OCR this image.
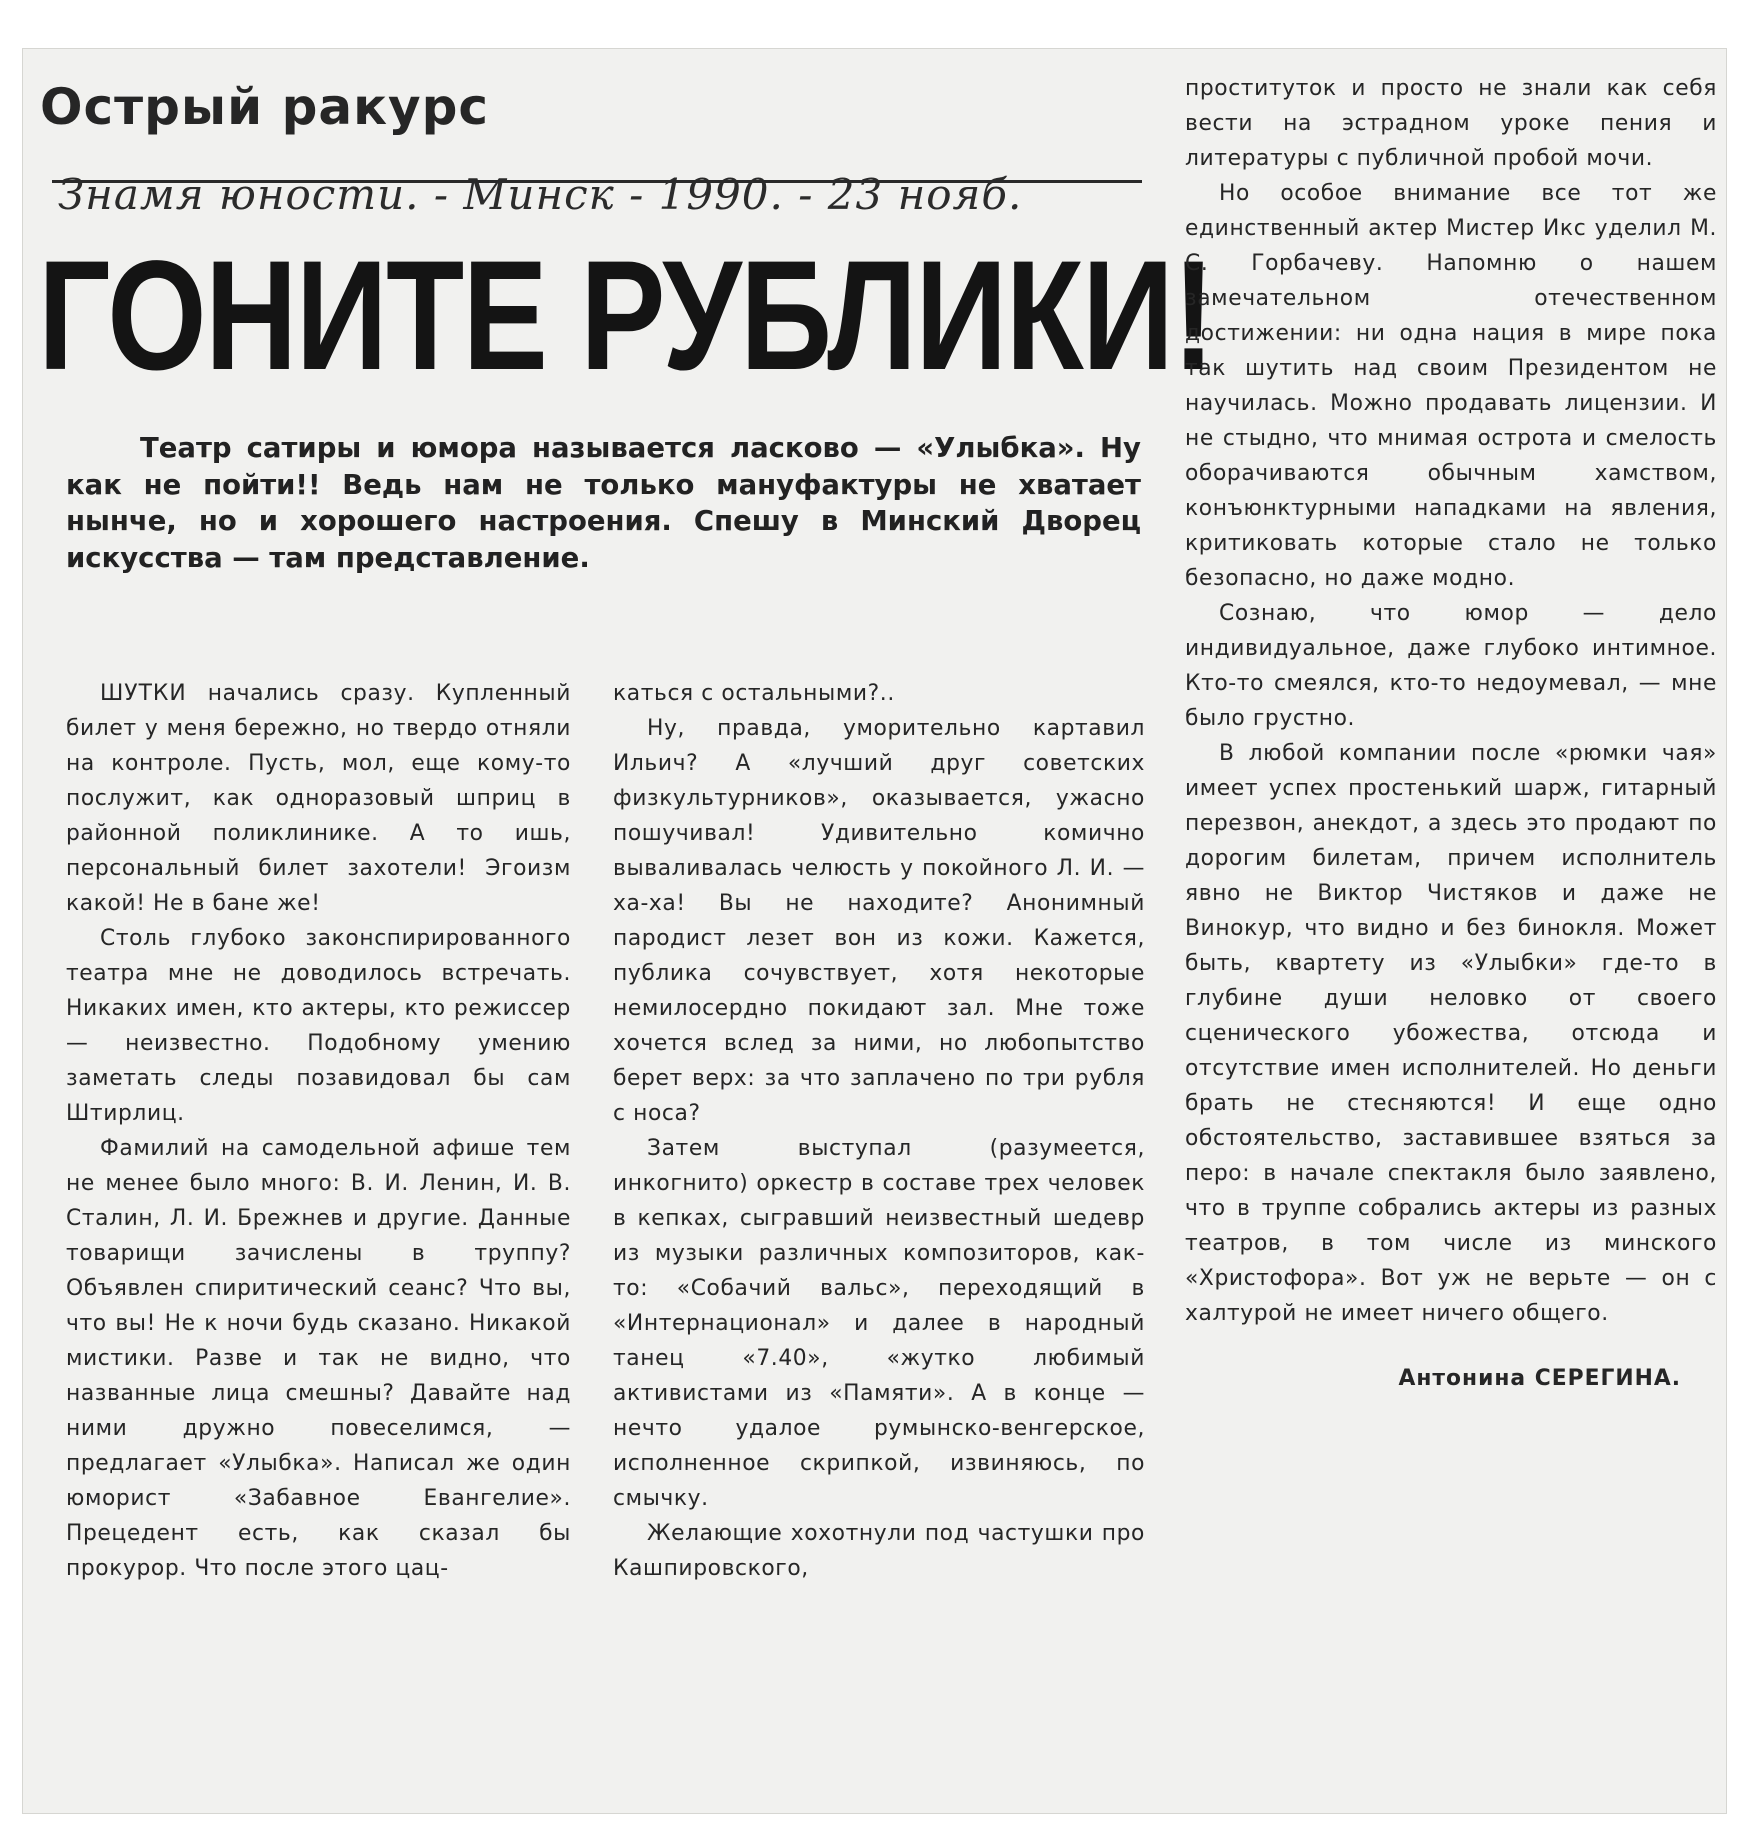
Острый ракурс
Знамя юности. - Минск - 1990. - 23 нояб.
ГОНИТЕ РУБЛИКИ!
Театр сатиры и юмора называется ласково — «Улыбка». Ну как не пойти!! Ведь нам не только мануфактуры не хватает нынче, но и хорошего настроения. Спешу в Минский Дворец искусства — там представление.

ШУТКИ начались сразу. Купленный билет у меня бережно, но твердо отняли на контроле. Пусть, мол, еще кому-то послужит, как одноразовый шприц в районной поликлинике. А то ишь, персональный билет захотели! Эгоизм какой! Не в бане же!

Столь глубоко законспирированного театра мне не доводилось встречать. Никаких имен, кто актеры, кто режиссер — неизвестно. Подобному умению заметать следы позавидовал бы сам Штирлиц.

Фамилий на самодельной афише тем не менее было много: В. И. Ленин, И. В. Сталин, Л. И. Брежнев и другие. Данные товарищи зачислены в труппу? Объявлен спиритический сеанс? Что вы, что вы! Не к ночи будь сказано. Никакой мистики. Разве и так не видно, что названные лица смешны? Давайте над ними дружно повеселимся, — предлагает «Улыбка». Написал же один юморист «Забавное Евангелие». Прецедент есть, как сказал бы прокурор. Что после этого цац-

каться с остальными?..

Ну, правда, уморительно картавил Ильич? А «лучший друг советских физкультурников», оказывается, ужасно пошучивал! Удивительно комично вываливалась челюсть у покойного Л. И. — ха-ха! Вы не находите? Анонимный пародист лезет вон из кожи. Кажется, публика сочувствует, хотя некоторые немилосердно покидают зал. Мне тоже хочется вслед за ними, но любопытство берет верх: за что заплачено по три рубля с носа?

Затем выступал (разумеется, инкогнито) оркестр в составе трех человек в кепках, сыгравший неизвестный шедевр из музыки различных композиторов, как-то: «Собачий вальс», переходящий в «Интернационал» и далее в народный танец «7.40», «жутко любимый активистами из «Памяти». А в конце — нечто удалое румынско-венгерское, исполненное скрипкой, извиняюсь, по смычку.

Желающие хохотнули под частушки про Кашпировского,

проституток и просто не знали как себя вести на эстрадном уроке пения и литературы с публичной пробой мочи.

Но особое внимание все тот же единственный актер Мистер Икс уделил М. С. Горбачеву. Напомню о нашем замечательном отечественном достижении: ни одна нация в мире пока так шутить над своим Президентом не научилась. Можно продавать лицензии. И не стыдно, что мнимая острота и смелость оборачиваются обычным хамством, конъюнктурными нападками на явления, критиковать которые стало не только безопасно, но даже модно.

Сознаю, что юмор — дело индивидуальное, даже глубоко интимное. Кто-то смеялся, кто-то недоумевал, — мне было грустно.

В любой компании после «рюмки чая» имеет успех простенький шарж, гитарный перезвон, анекдот, а здесь это продают по дорогим билетам, причем исполнитель явно не Виктор Чистяков и даже не Винокур, что видно и без бинокля. Может быть, квартету из «Улыбки» где-то в глубине души неловко от своего сценического убожества, отсюда и отсутствие имен исполнителей. Но деньги брать не стесняются! И еще одно обстоятельство, заставившее взяться за перо: в начале спектакля было заявлено, что в труппе собрались актеры из разных театров, в том числе из минского «Христофора». Вот уж не верьте — он с халтурой не имеет ничего общего.

Антонина СЕРЕГИНА.
